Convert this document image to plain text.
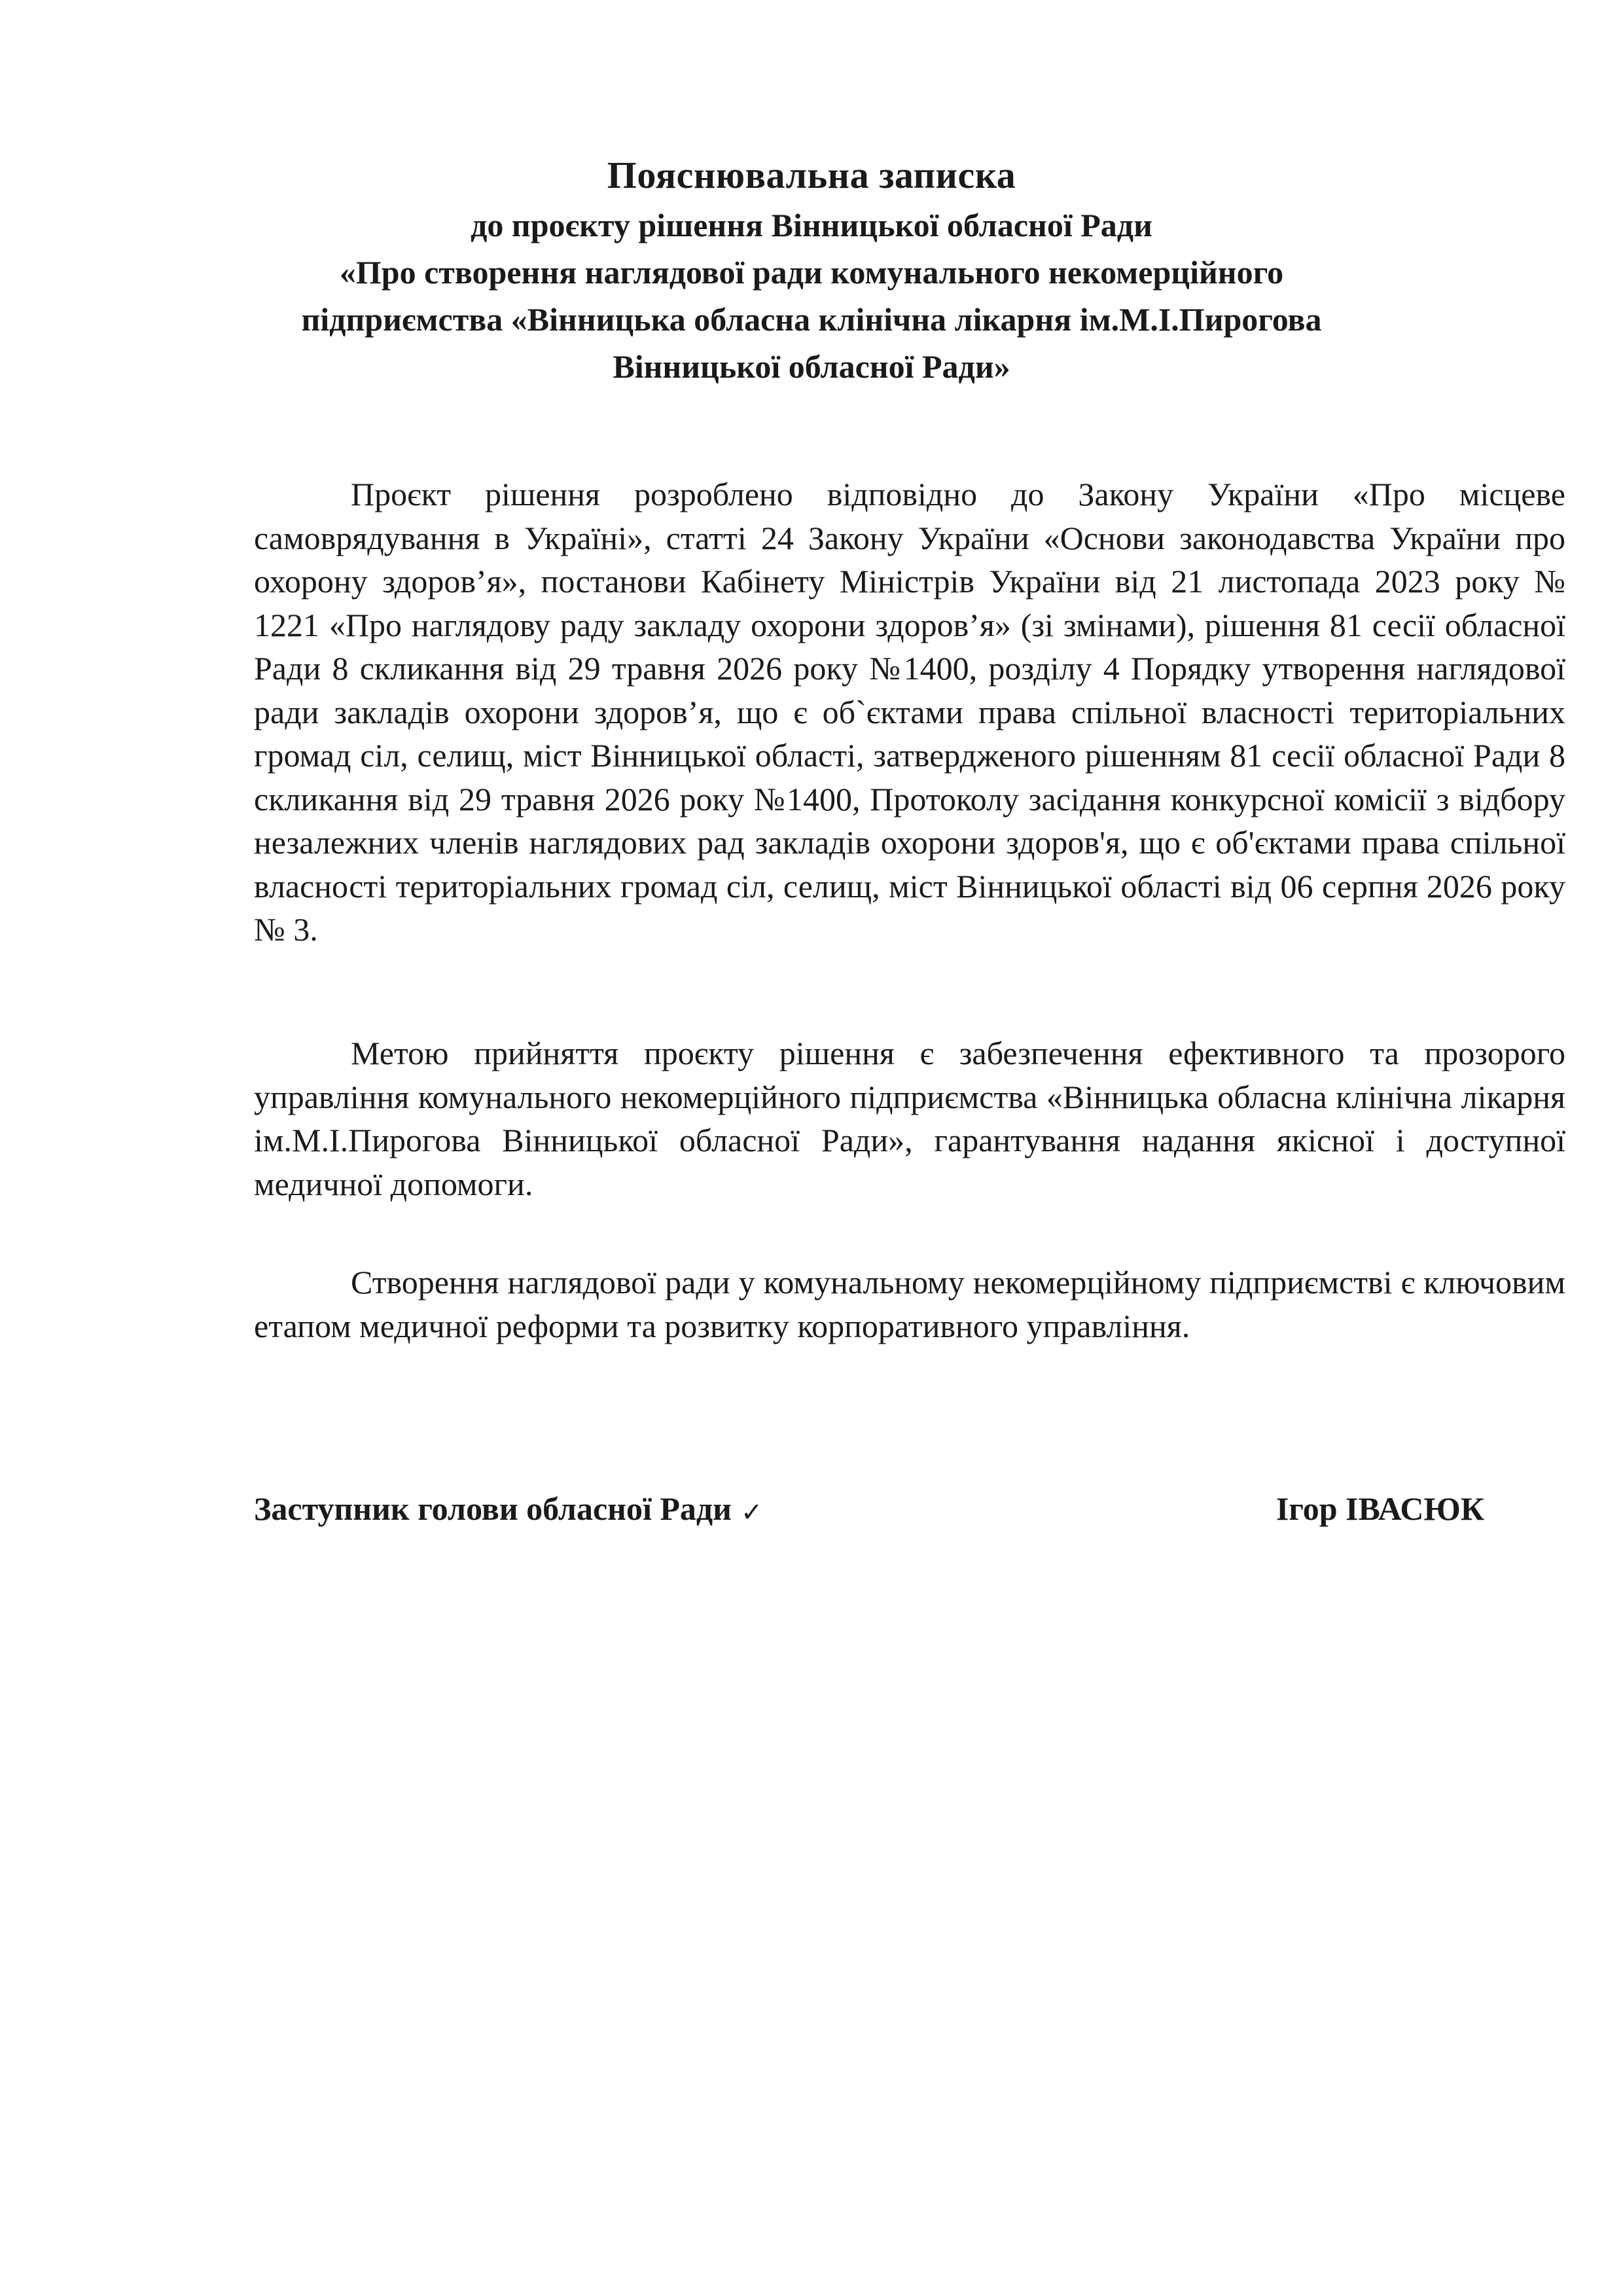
Пояснювальна записка
до проєкту рішення Вінницької обласної Ради
«Про створення наглядової ради комунального некомерційного
підприємства «Вінницька обласна клінічна лікарня ім.М.І.Пирогова
Вінницької обласної Ради»

Проєкт рішення розроблено відповідно до Закону України «Про місцеве самоврядування в Україні», статті 24 Закону України «Основи законодавства України про охорону здоров’я», постанови Кабінету Міністрів України від 21 листопада 2023 року № 1221 «Про наглядову раду закладу охорони здоров’я» (зі змінами), рішення 81 сесії обласної Ради 8 скликання від 29 травня 2026 року №1400, розділу 4 Порядку утворення наглядової ради закладів охорони здоров’я, що є об`єктами права спільної власності територіальних громад сіл, селищ, міст Вінницької області, затвердженого рішенням 81 сесії обласної Ради 8 скликання від 29 травня 2026 року №1400, Протоколу засідання конкурсної комісії з відбору незалежних членів наглядових рад закладів охорони здоров'я, що є об'єктами права спільної власності територіальних громад сіл, селищ, міст Вінницької області від 06 серпня 2026 року № 3.

Метою прийняття проєкту рішення є забезпечення ефективного та прозорого управління комунального некомерційного підприємства «Вінницька обласна клінічна лікарня ім.М.І.Пирогова Вінницької обласної Ради», гарантування надання якісної і доступної медичної допомоги.

Створення наглядової ради у комунальному некомерційному підприємстві є ключовим етапом медичної реформи та розвитку корпоративного управління.

Заступник голови обласної Ради ✓	Ігор ІВАСЮК
